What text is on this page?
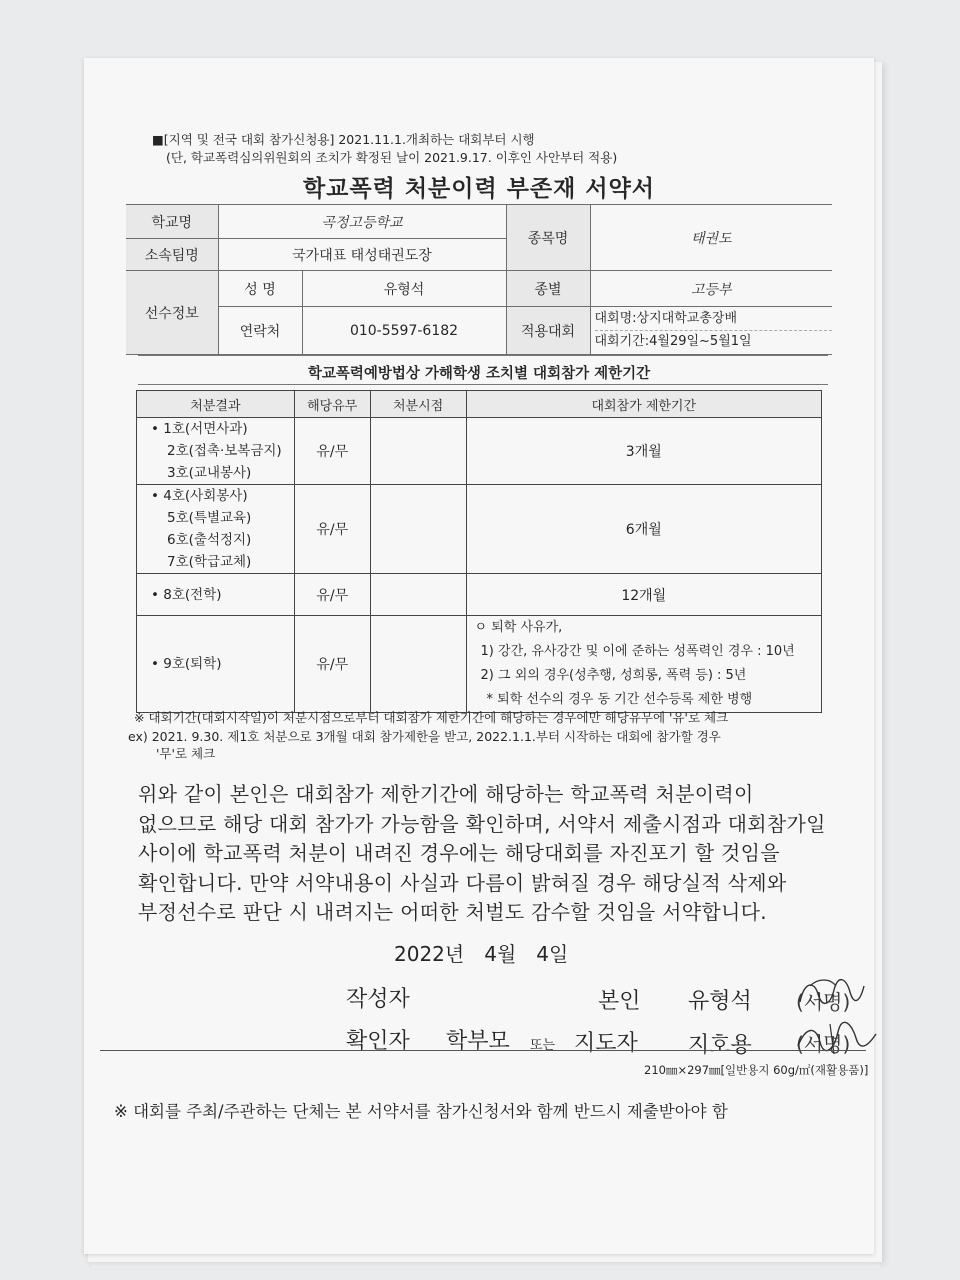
■[지역 및 전국 대회 참가신청용] 2021.11.1.개최하는 대회부터 시행
(단, 학교폭력심의위원회의 조치가 확정된 날이 2021.9.17. 이후인 사안부터 적용)
학교폭력 처분이력 부존재 서약서
학교명	곡정고등학교		종목명	태권도
소속팀명	국가대표 태성태권도장			
선수정보	성 명	유형석	종별	고등부
	연락처	010-5597-6182	적용대회	대회명:상지대학교총장배
대회기간:4월29일~5월1일
학교폭력예방법상 가해학생 조치별 대회참가 제한기간
처분결과	해당유무	처분시점	대회참가 제한기간

• 1호(서면사과)
2호(접촉·보복금지)
3호(교내봉사)	유/무		3개월

• 4호(사회봉사)
5호(특별교육)
6호(출석정지)
7호(학급교체)	유/무		6개월
• 8호(전학)	유/무		12개월
• 9호(퇴학)	유/무		ㅇ 퇴학 사유가,
1) 강간, 유사강간 및 이에 준하는 성폭력인 경우 : 10년
2) 그 외의 경우(성추행, 성희롱, 폭력 등) : 5년
* 퇴학 선수의 경우 동 기간 선수등록 제한 병행
※ 대회기간(대회시작일)이 처분시점으로부터 대회참가 제한기간에 해당하는 경우에만 해당유무에 '유'로 체크
ex) 2021. 9.30. 제1호 처분으로 3개월 대회 참가제한을 받고, 2022.1.1.부터 시작하는 대회에 참가할 경우
'무'로 체크
위와 같이 본인은 대회참가 제한기간에 해당하는 학교폭력 처분이력이 없으므로 해당 대회 참가가 가능함을 확인하며, 서약서 제출시점과 대회참가일 사이에 학교폭력 처분이 내려진 경우에는 해당대회를 자진포기 할 것임을 확인합니다. 만약 서약내용이 사실과 다름이 밝혀질 경우 해당실적 삭제와 부정선수로 판단 시 내려지는 어떠한 처벌도 감수할 것임을 서약합니다.
2022년　4월　4일
작성자	본인 유형석 (서명)
확인자 학부모 또는 지도자 지호용 (서명)
210㎜×297㎜[일반용지 60g/㎡(재활용품)]
※ 대회를 주최/주관하는 단체는 본 서약서를 참가신청서와 함께 반드시 제출받아야 함
